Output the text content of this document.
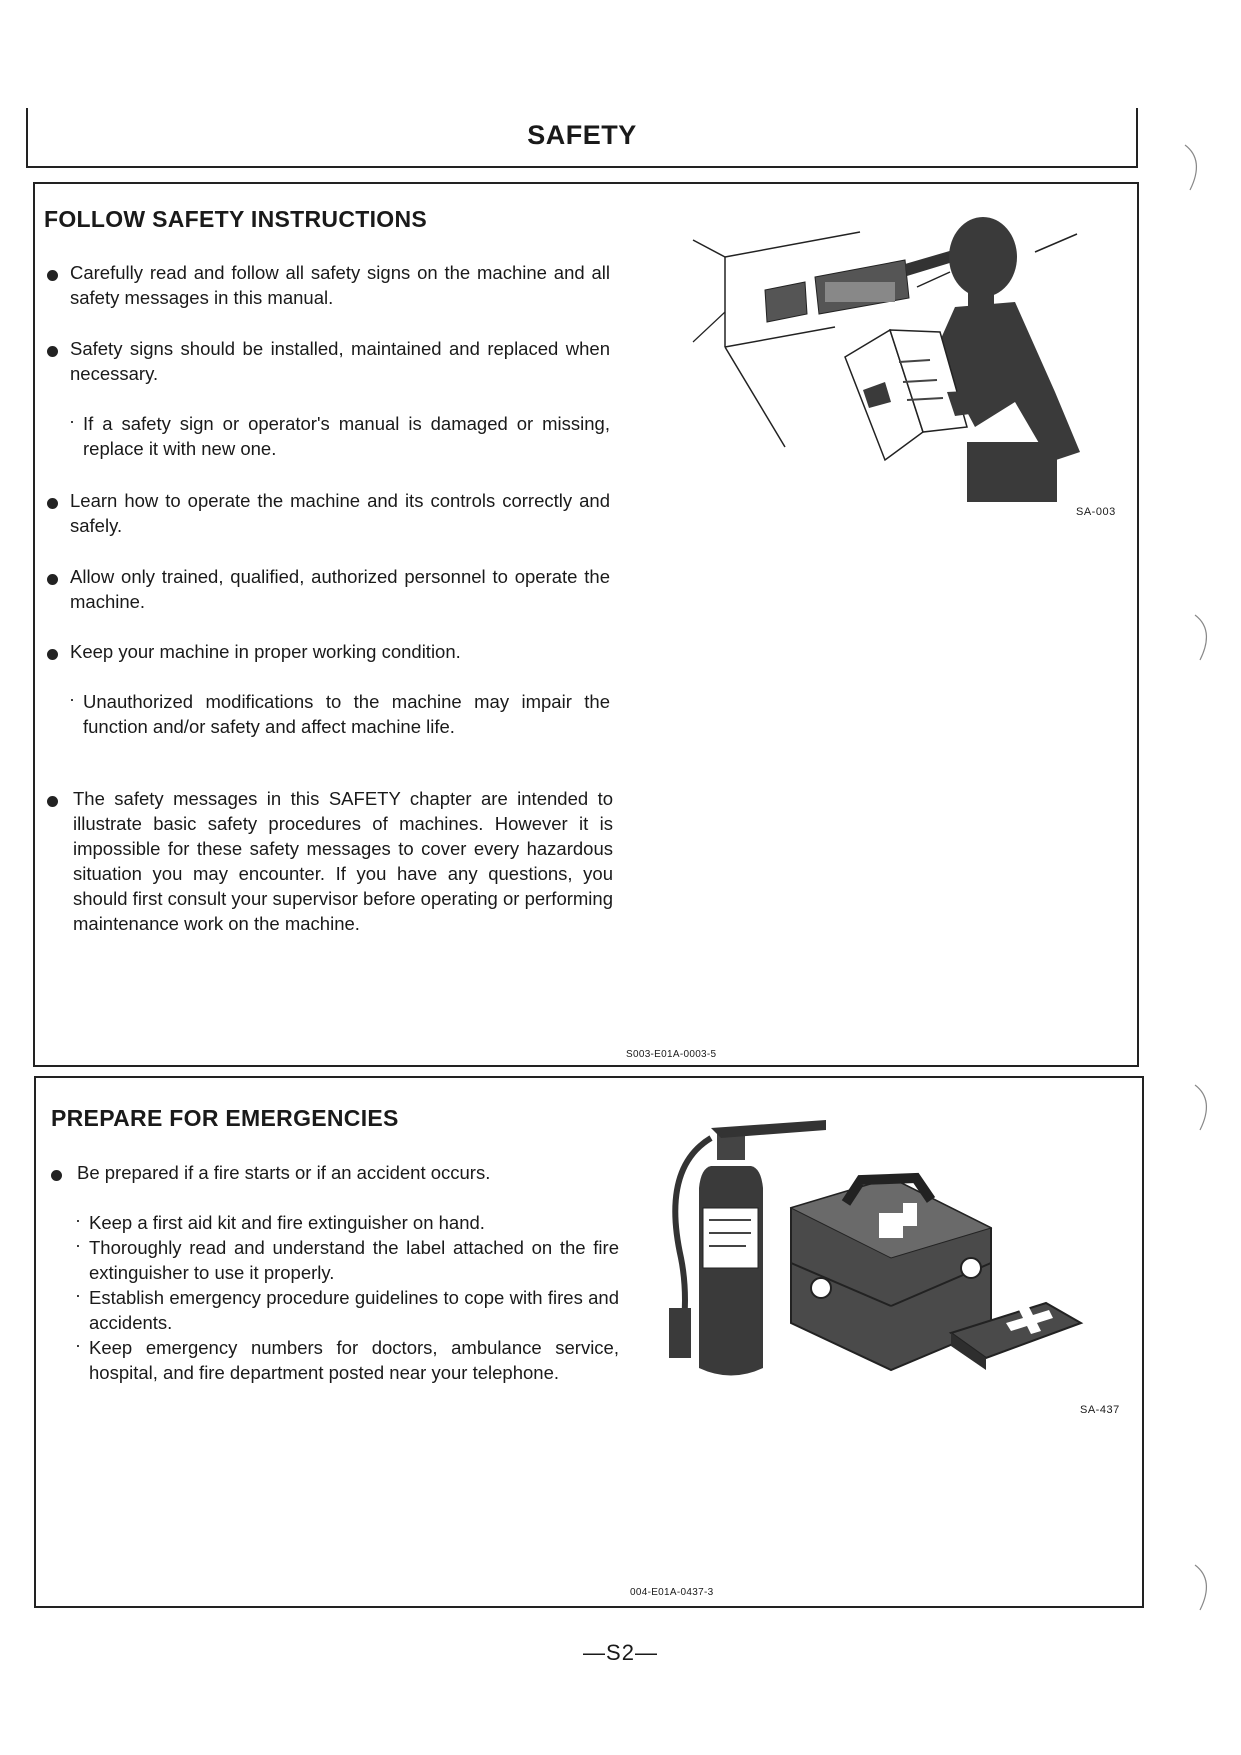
SAFETY
FOLLOW SAFETY INSTRUCTIONS
Carefully read and follow all safety signs on the machine and all safety messages in this manual.
Safety signs should be installed, maintained and replaced when necessary.
· If a safety sign or operator's manual is damaged or missing, replace it with new one.
Learn how to operate the machine and its controls correctly and safely.
Allow only trained, qualified, authorized personnel to operate the machine.
Keep your machine in proper working condition.
· Unauthorized modifications to the machine may impair the function and/or safety and affect machine life.
The safety messages in this SAFETY chapter are intended to illustrate basic safety procedures of machines. However it is impossible for these safety messages to cover every hazardous situation you may encounter. If you have any questions, you should first consult your supervisor before operating or performing maintenance work on the machine.
SA-003
S003-E01A-0003-5
PREPARE FOR EMERGENCIES
Be prepared if a fire starts or if an accident occurs.
· Keep a first aid kit and fire extinguisher on hand.
· Thoroughly read and understand the label attached on the fire extinguisher to use it properly.
· Establish emergency procedure guidelines to cope with fires and accidents.
· Keep emergency numbers for doctors, ambulance service, hospital, and fire department posted near your telephone.
SA-437
004-E01A-0437-3
—S2—
